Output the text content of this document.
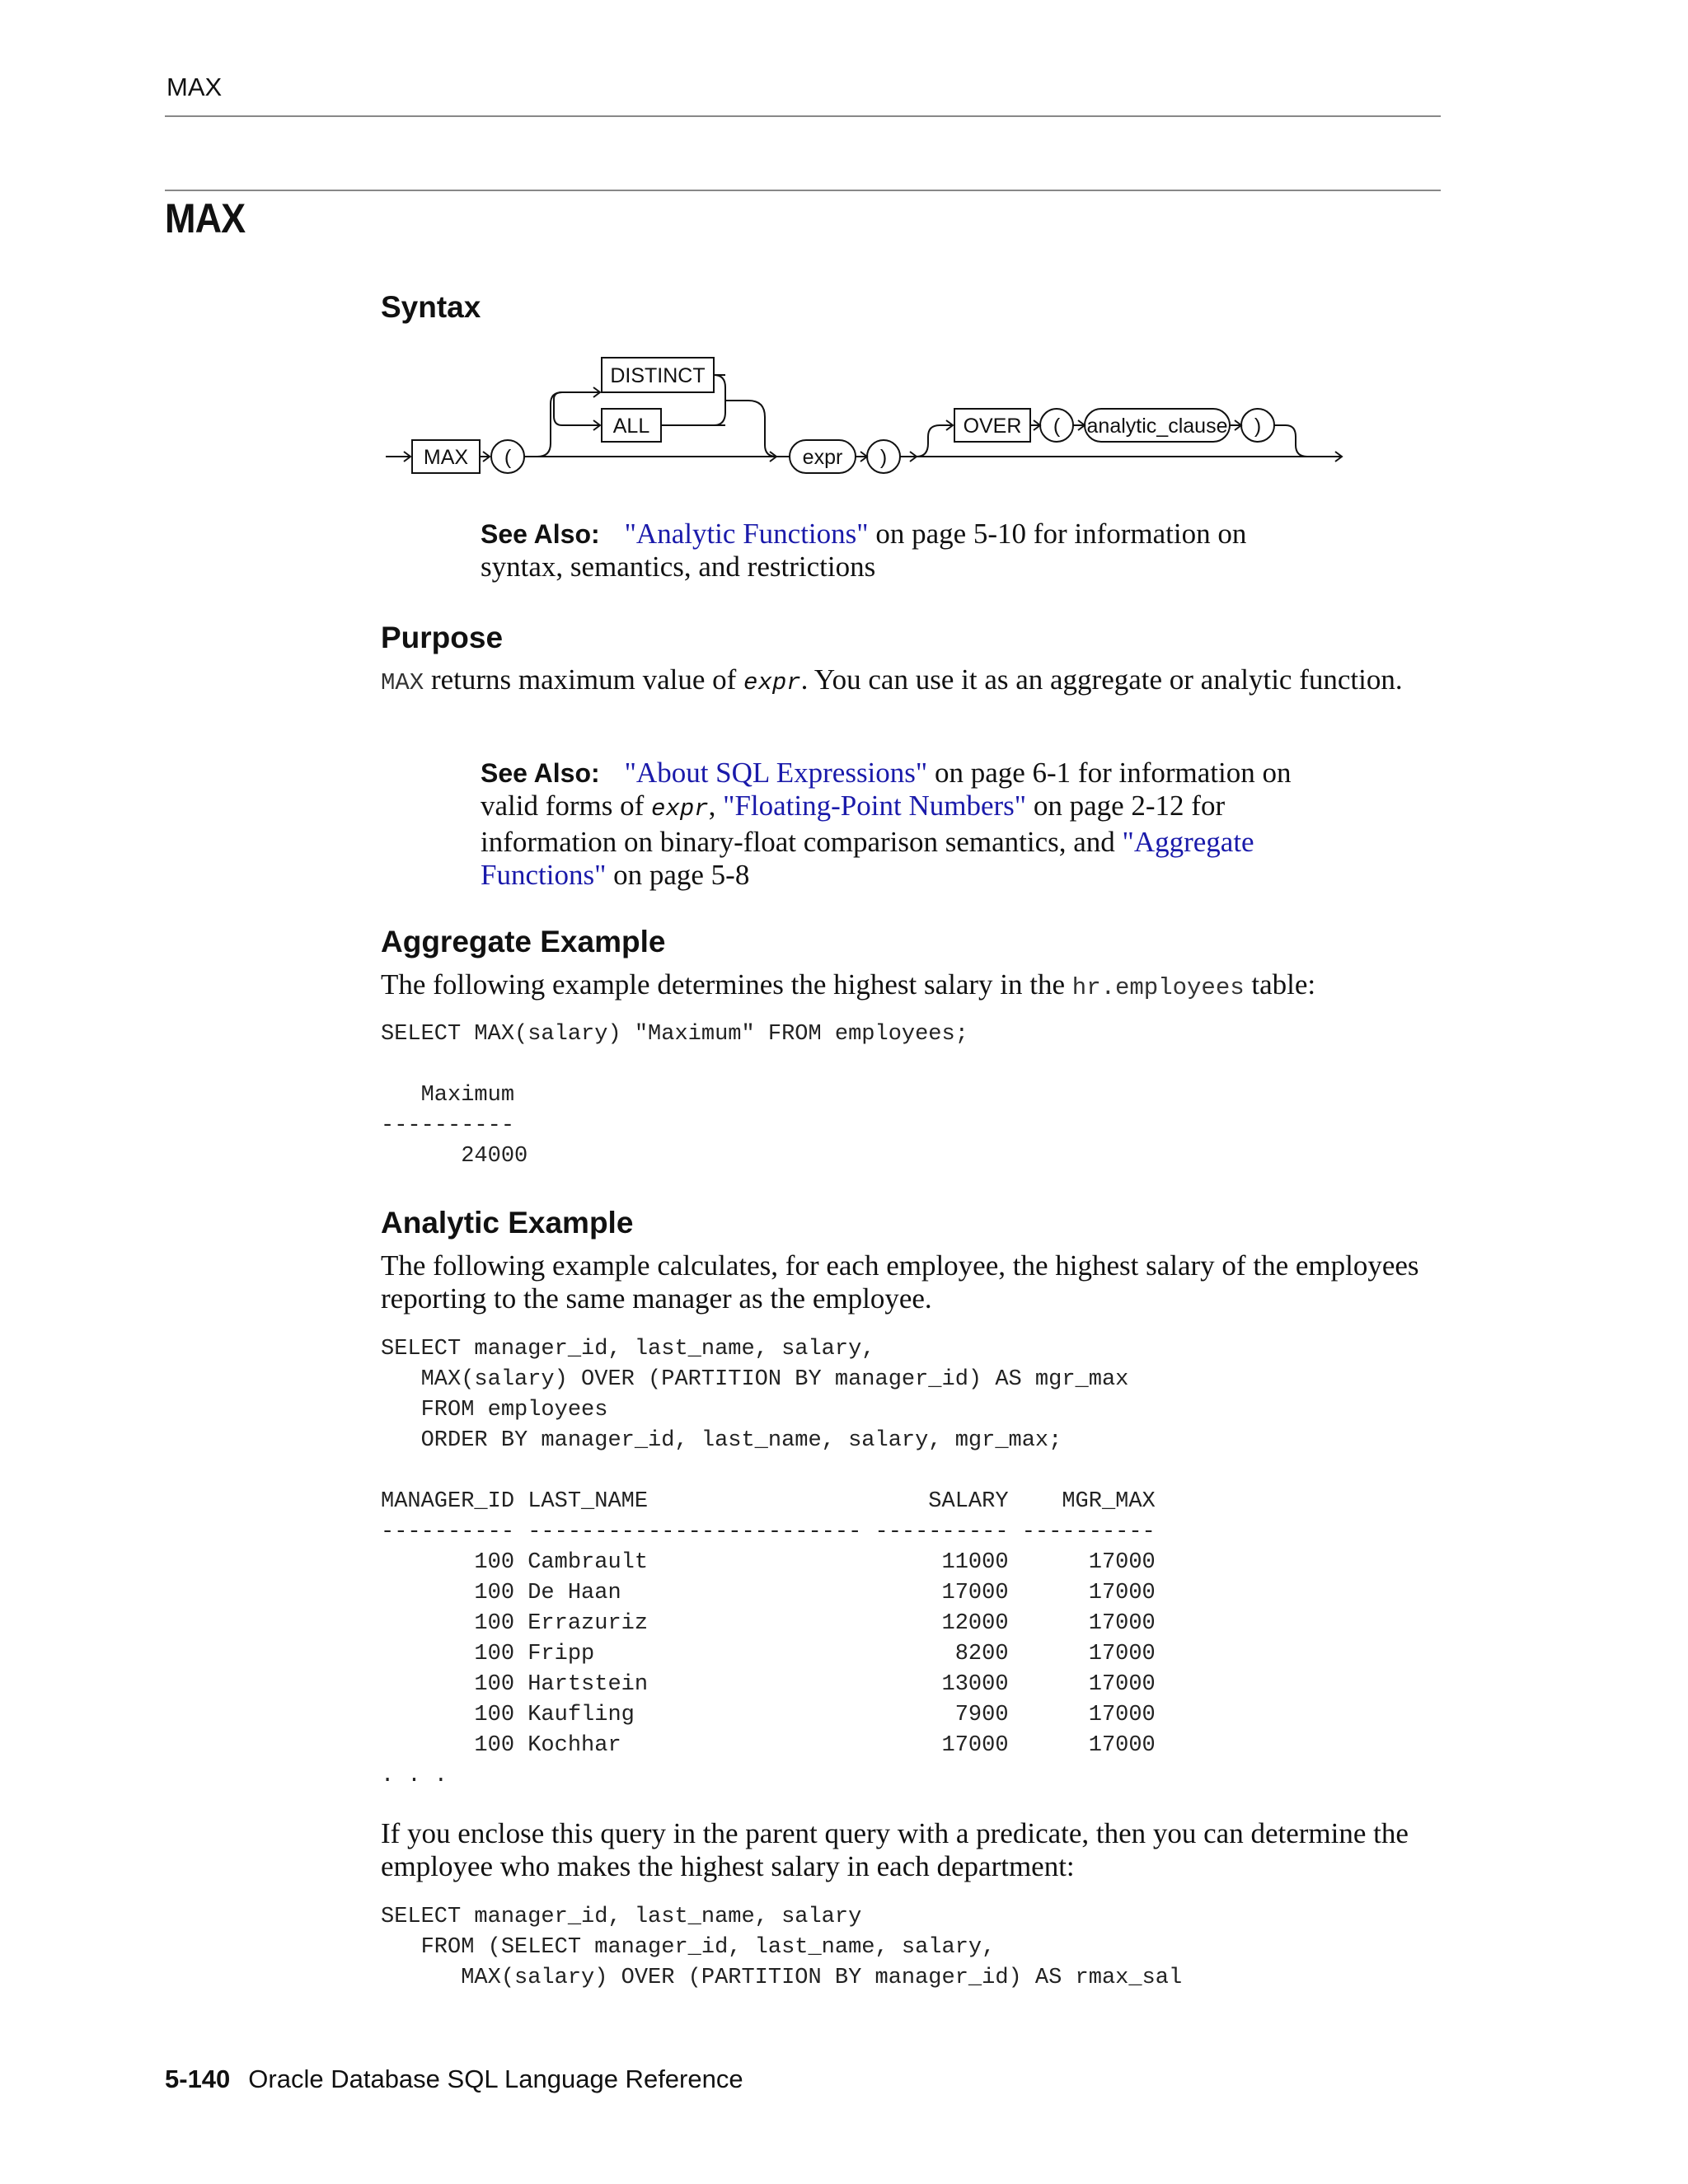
MAX
MAX
Syntax
MAX (
DISTINCT
ALL
expr )
OVER ( analytic_clause )
See Also: "Analytic Functions" on page 5-10 for information on syntax, semantics, and restrictions
Purpose
MAX returns maximum value of expr. You can use it as an aggregate or analytic function.
See Also: "About SQL Expressions" on page 6-1 for information on valid forms of expr, "Floating-Point Numbers" on page 2-12 for information on binary-float comparison semantics, and "Aggregate Functions" on page 5-8
Aggregate Example
The following example determines the highest salary in the hr.employees table:
SELECT MAX(salary) "Maximum" FROM employees;

Maximum
----------
24000
Analytic Example
The following example calculates, for each employee, the highest salary of the employees reporting to the same manager as the employee.
SELECT manager_id, last_name, salary,
MAX(salary) OVER (PARTITION BY manager_id) AS mgr_max
FROM employees
ORDER BY manager_id, last_name, salary, mgr_max;

MANAGER_ID LAST_NAME                     SALARY    MGR_MAX
---------- ------------------------- ---------- ----------
100 Cambrault                      11000      17000
100 De Haan                        17000      17000
100 Errazuriz                      12000      17000
100 Fripp                           8200      17000
100 Hartstein                      13000      17000
100 Kaufling                        7900      17000
100 Kochhar                        17000      17000
. . .
If you enclose this query in the parent query with a predicate, then you can determine the employee who makes the highest salary in each department:
SELECT manager_id, last_name, salary
FROM (SELECT manager_id, last_name, salary,
MAX(salary) OVER (PARTITION BY manager_id) AS rmax_sal
5-140 Oracle Database SQL Language Reference
